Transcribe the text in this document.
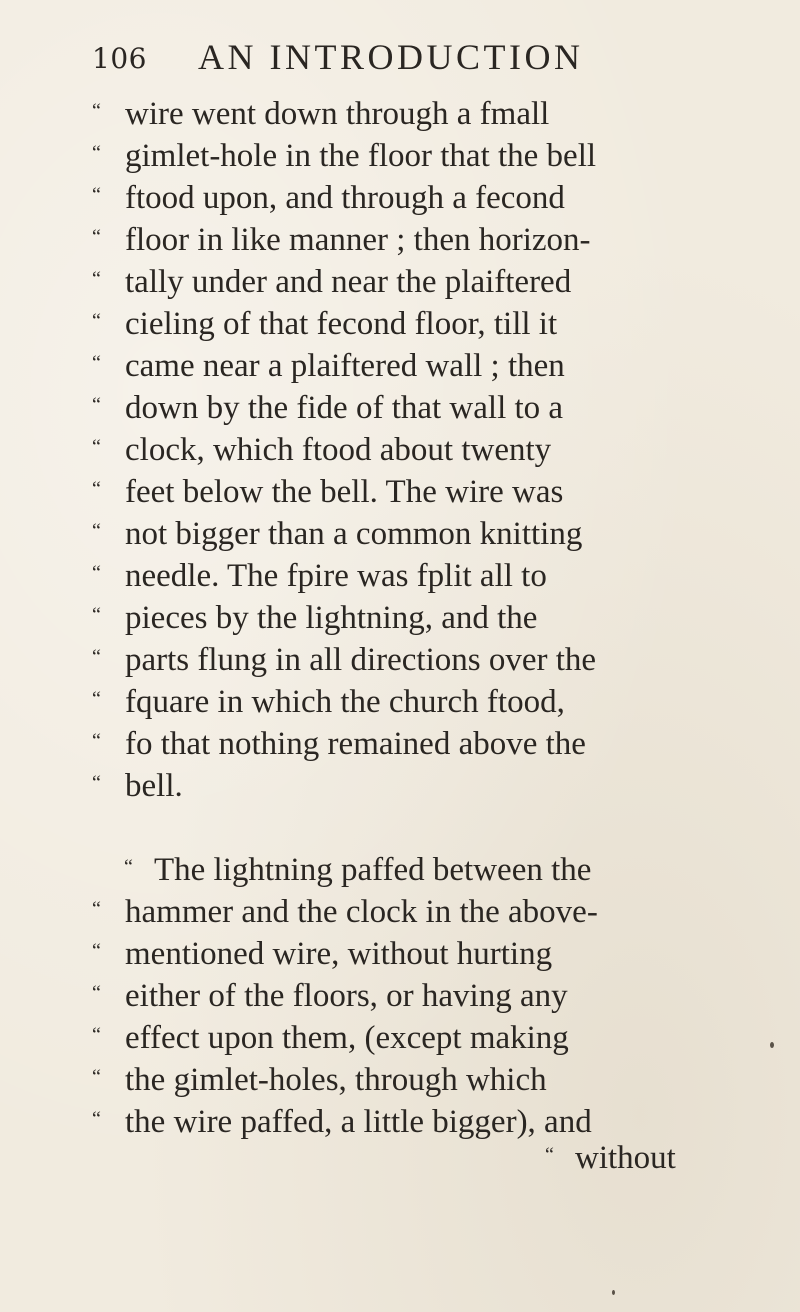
106 AN INTRODUCTION
“ wire went down through a fmall
“ gimlet-hole in the floor that the bell
“ ftood upon, and through a fecond
“ floor in like manner ; then horizon-
“ tally under and near the plaiftered
“ cieling of that fecond floor, till it
“ came near a plaiftered wall ; then
“ down by the fide of that wall to a
“ clock, which ftood about twenty
“ feet below the bell. The wire was
“ not bigger than a common knitting
“ needle. The fpire was fplit all to
“ pieces by the lightning, and the
“ parts flung in all directions over the
“ fquare in which the church ftood,
“ fo that nothing remained above the
“ bell.
“ The lightning paffed between the
“ hammer and the clock in the above-
“ mentioned wire, without hurting
“ either of the floors, or having any
“ effect upon them, (except making
“ the gimlet-holes, through which
“ the wire paffed, a little bigger), and
“ without
